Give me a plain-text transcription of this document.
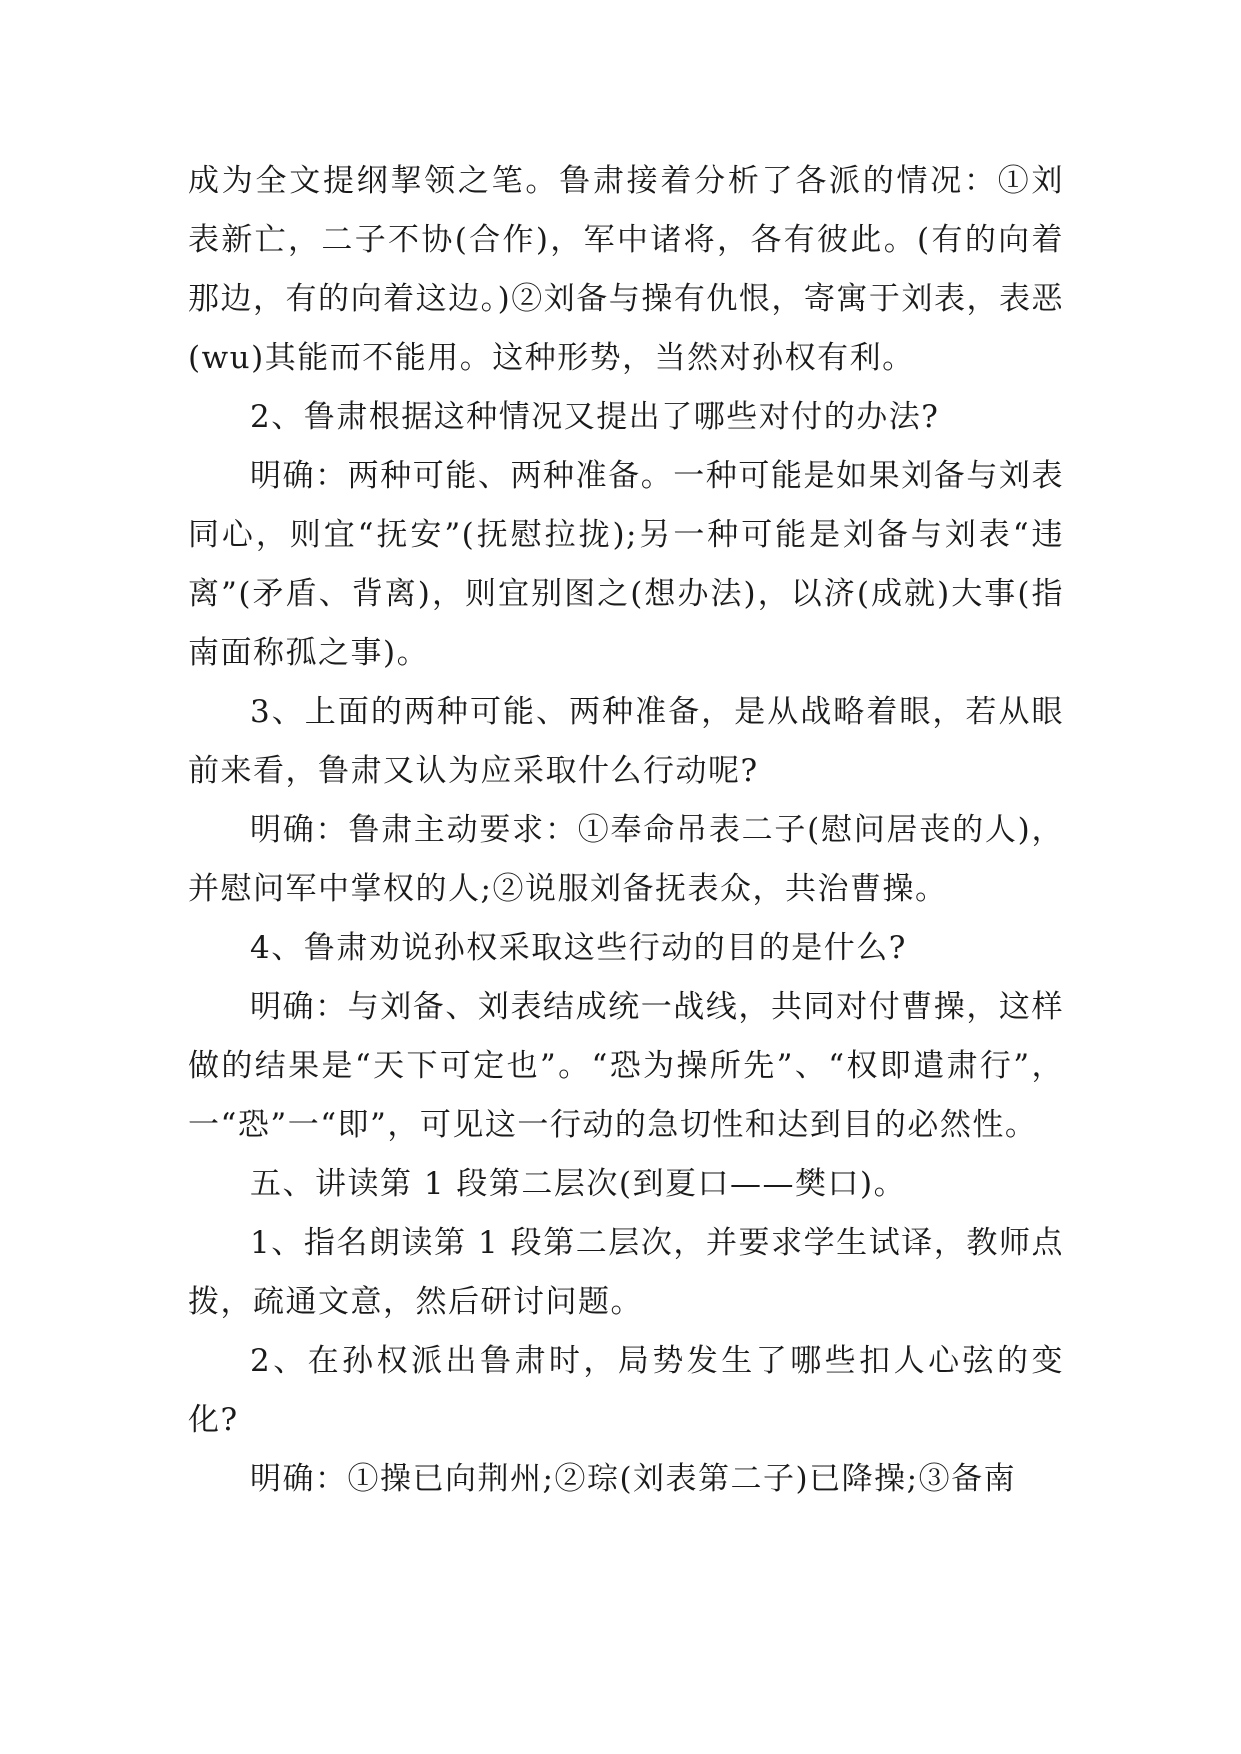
成为全文提纲挈领之笔。鲁肃接着分析了各派的情况：①刘表新亡，二子不协(合作)，军中诸将，各有彼此。(有的向着那边，有的向着这边。)②刘备与操有仇恨，寄寓于刘表，表恶(wu)其能而不能用。这种形势，当然对孙权有利。

2、鲁肃根据这种情况又提出了哪些对付的办法?

明确：两种可能、两种准备。一种可能是如果刘备与刘表同心，则宜“抚安”(抚慰拉拢);另一种可能是刘备与刘表“违离”(矛盾、背离)，则宜别图之(想办法)，以济(成就)大事(指南面称孤之事)。

3、上面的两种可能、两种准备，是从战略着眼，若从眼前来看，鲁肃又认为应采取什么行动呢?

明确：鲁肃主动要求：①奉命吊表二子(慰问居丧的人)，并慰问军中掌权的人;②说服刘备抚表众，共治曹操。

4、鲁肃劝说孙权采取这些行动的目的是什么?

明确：与刘备、刘表结成统一战线，共同对付曹操，这样做的结果是“天下可定也”。“恐为操所先”、“权即遣肃行”，一“恐”一“即”，可见这一行动的急切性和达到目的必然性。

五、讲读第 1 段第二层次(到夏口——樊口)。

1、指名朗读第 1 段第二层次，并要求学生试译，教师点拨，疏通文意，然后研讨问题。

2、在孙权派出鲁肃时，局势发生了哪些扣人心弦的变化?

明确：①操已向荆州;②琮(刘表第二子)已降操;③备南
